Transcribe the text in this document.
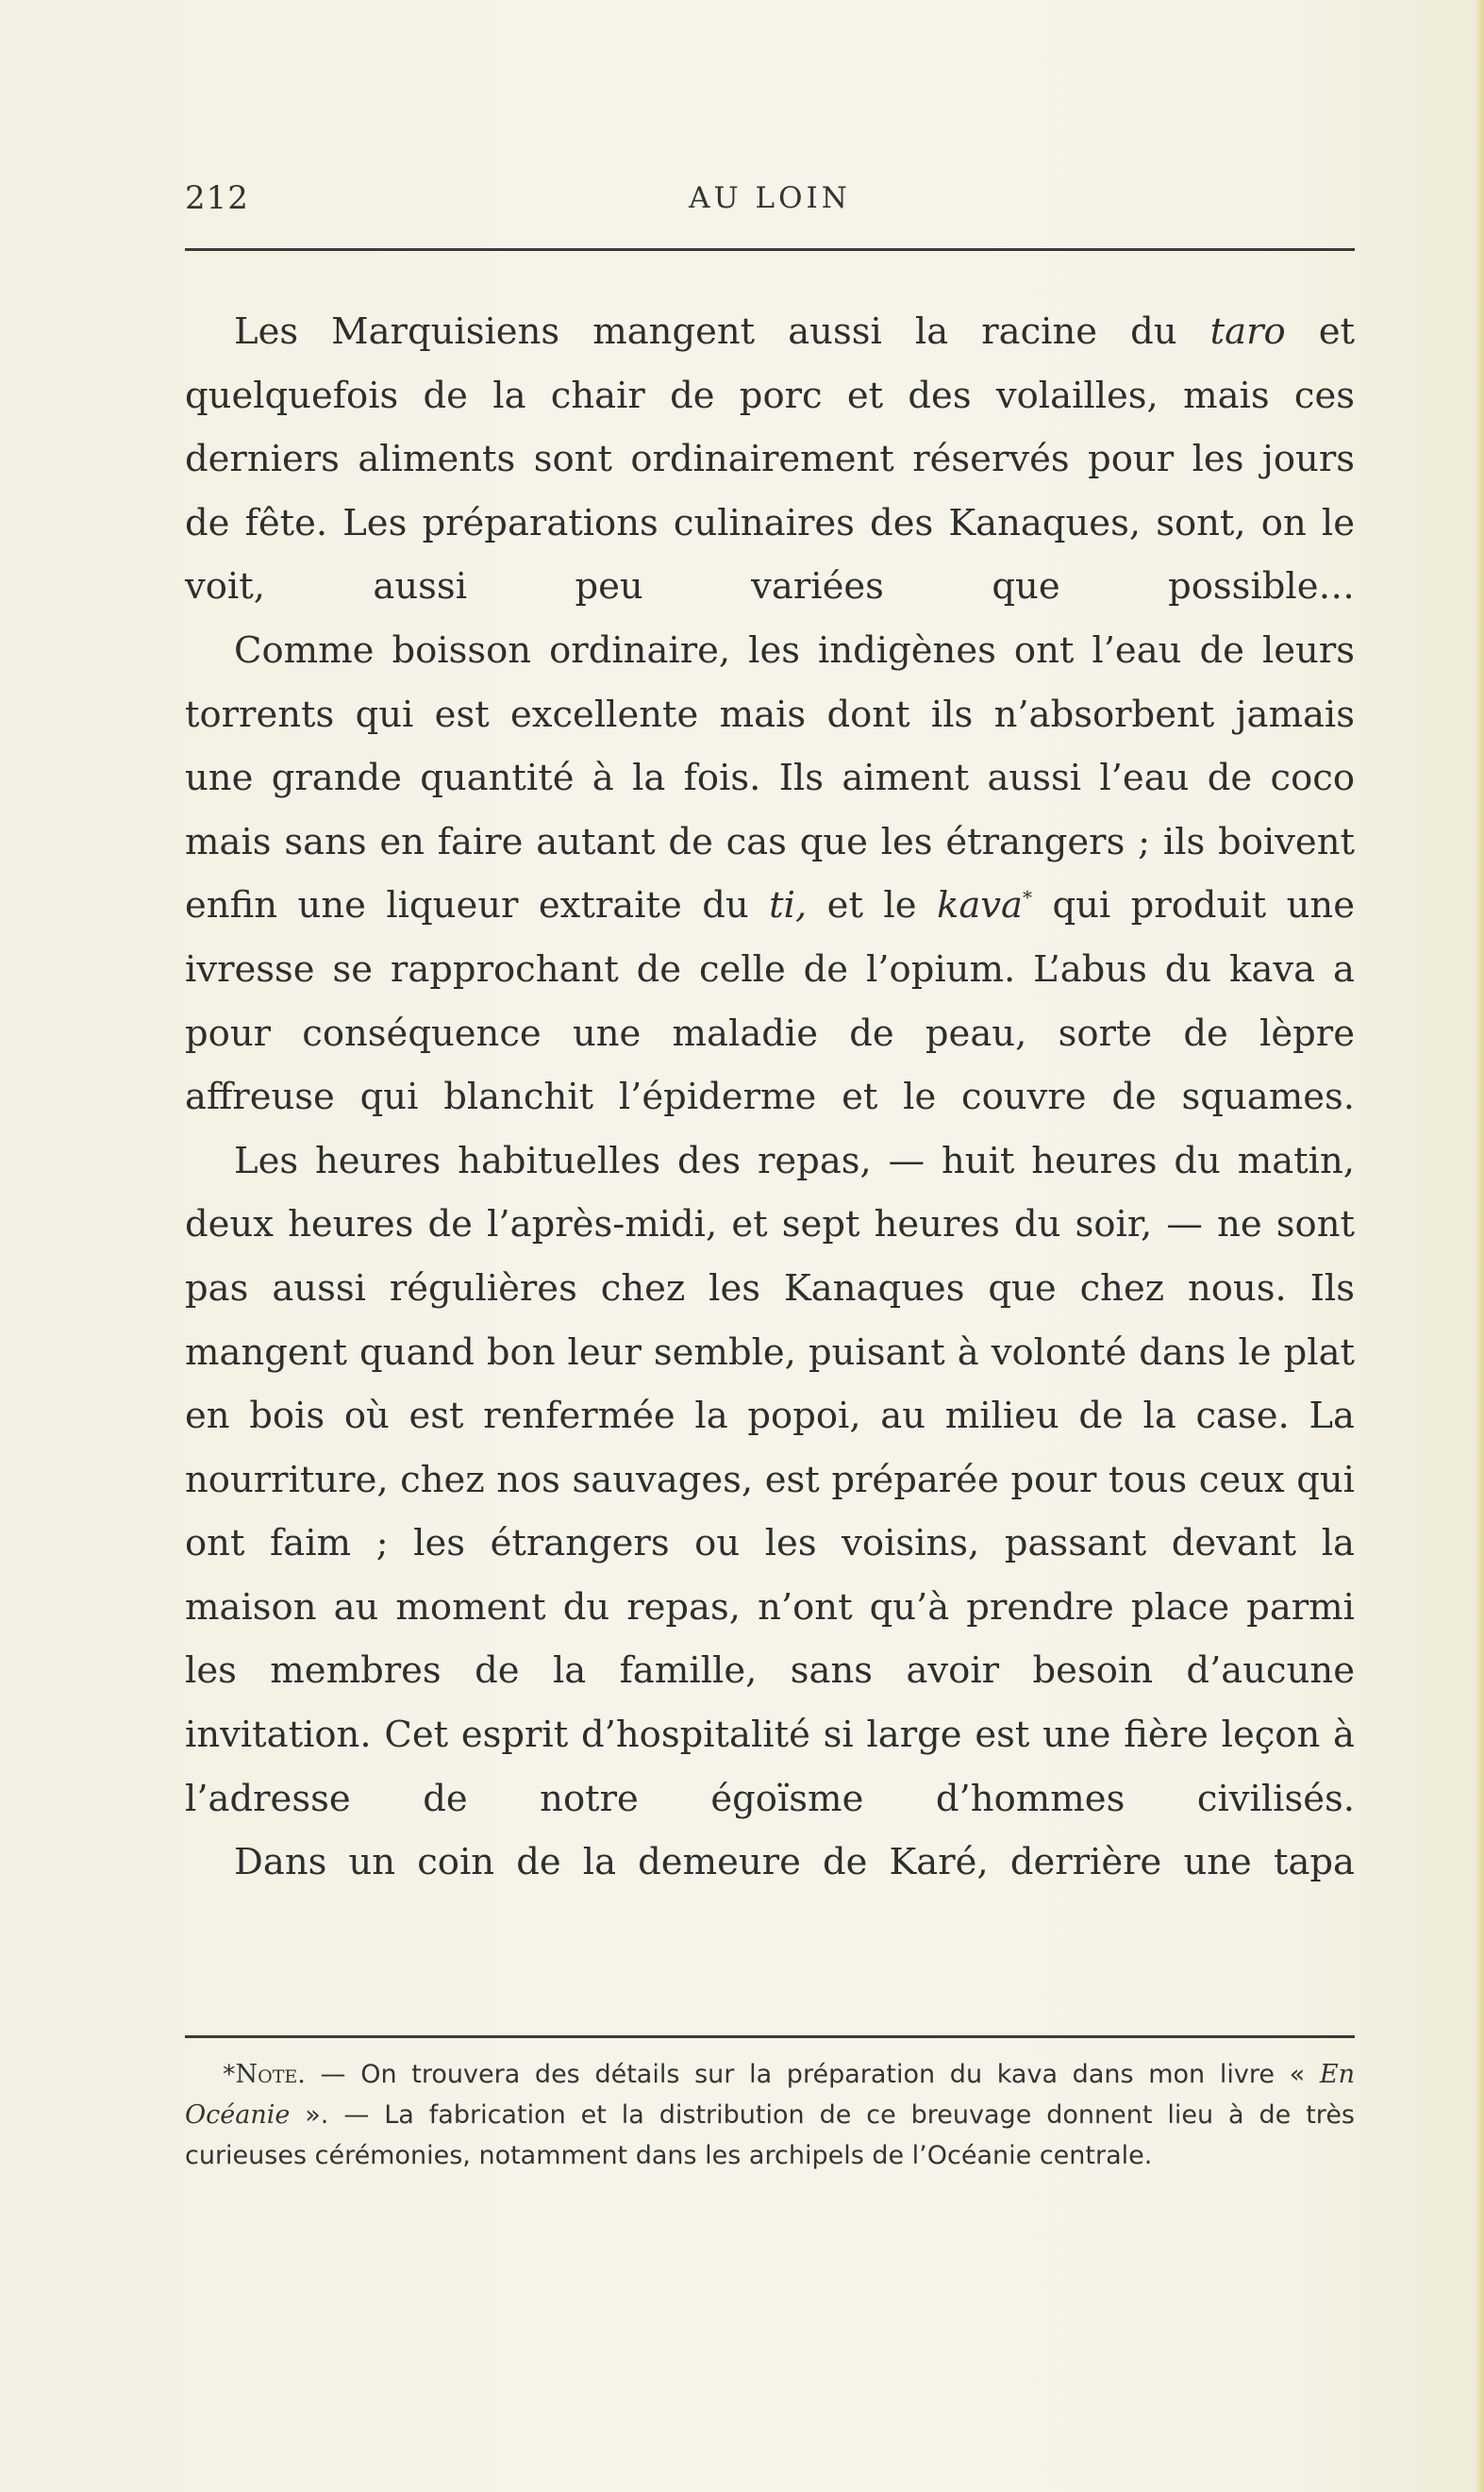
212	AU LOIN

Les Marquisiens mangent aussi la racine du taro et quelquefois de la chair de porc et des volailles, mais ces derniers aliments sont ordinairement réservés pour les jours de fête. Les préparations culinaires des Kanaques, sont, on le voit, aussi peu variées que possible…

Comme boisson ordinaire, les indigènes ont l’eau de leurs torrents qui est excellente mais dont ils n’absorbent jamais une grande quantité à la fois. Ils aiment aussi l’eau de coco mais sans en faire autant de cas que les étrangers ; ils boivent enfin une liqueur extraite du ti, et le kava* qui produit une ivresse se rapprochant de celle de l’opium. L’abus du kava a pour conséquence une maladie de peau, sorte de lèpre affreuse qui blanchit l’épiderme et le couvre de squames.

Les heures habituelles des repas, — huit heures du matin, deux heures de l’après-midi, et sept heures du soir, — ne sont pas aussi régulières chez les Kanaques que chez nous. Ils mangent quand bon leur semble, puisant à volonté dans le plat en bois où est renfermée la popoi, au milieu de la case. La nourriture, chez nos sauvages, est préparée pour tous ceux qui ont faim ; les étrangers ou les voisins, passant devant la maison au moment du repas, n’ont qu’à prendre place parmi les membres de la famille, sans avoir besoin d’aucune invitation. Cet esprit d’hospitalité si large est une fière leçon à l’adresse de notre égoïsme d’hommes civilisés.

Dans un coin de la demeure de Karé, derrière une tapa

*Note. — On trouvera des détails sur la préparation du kava dans mon livre « En Océanie ». — La fabrication et la distribution de ce breuvage donnent lieu à de très curieuses cérémonies, notamment dans les archipels de l’Océanie centrale.
